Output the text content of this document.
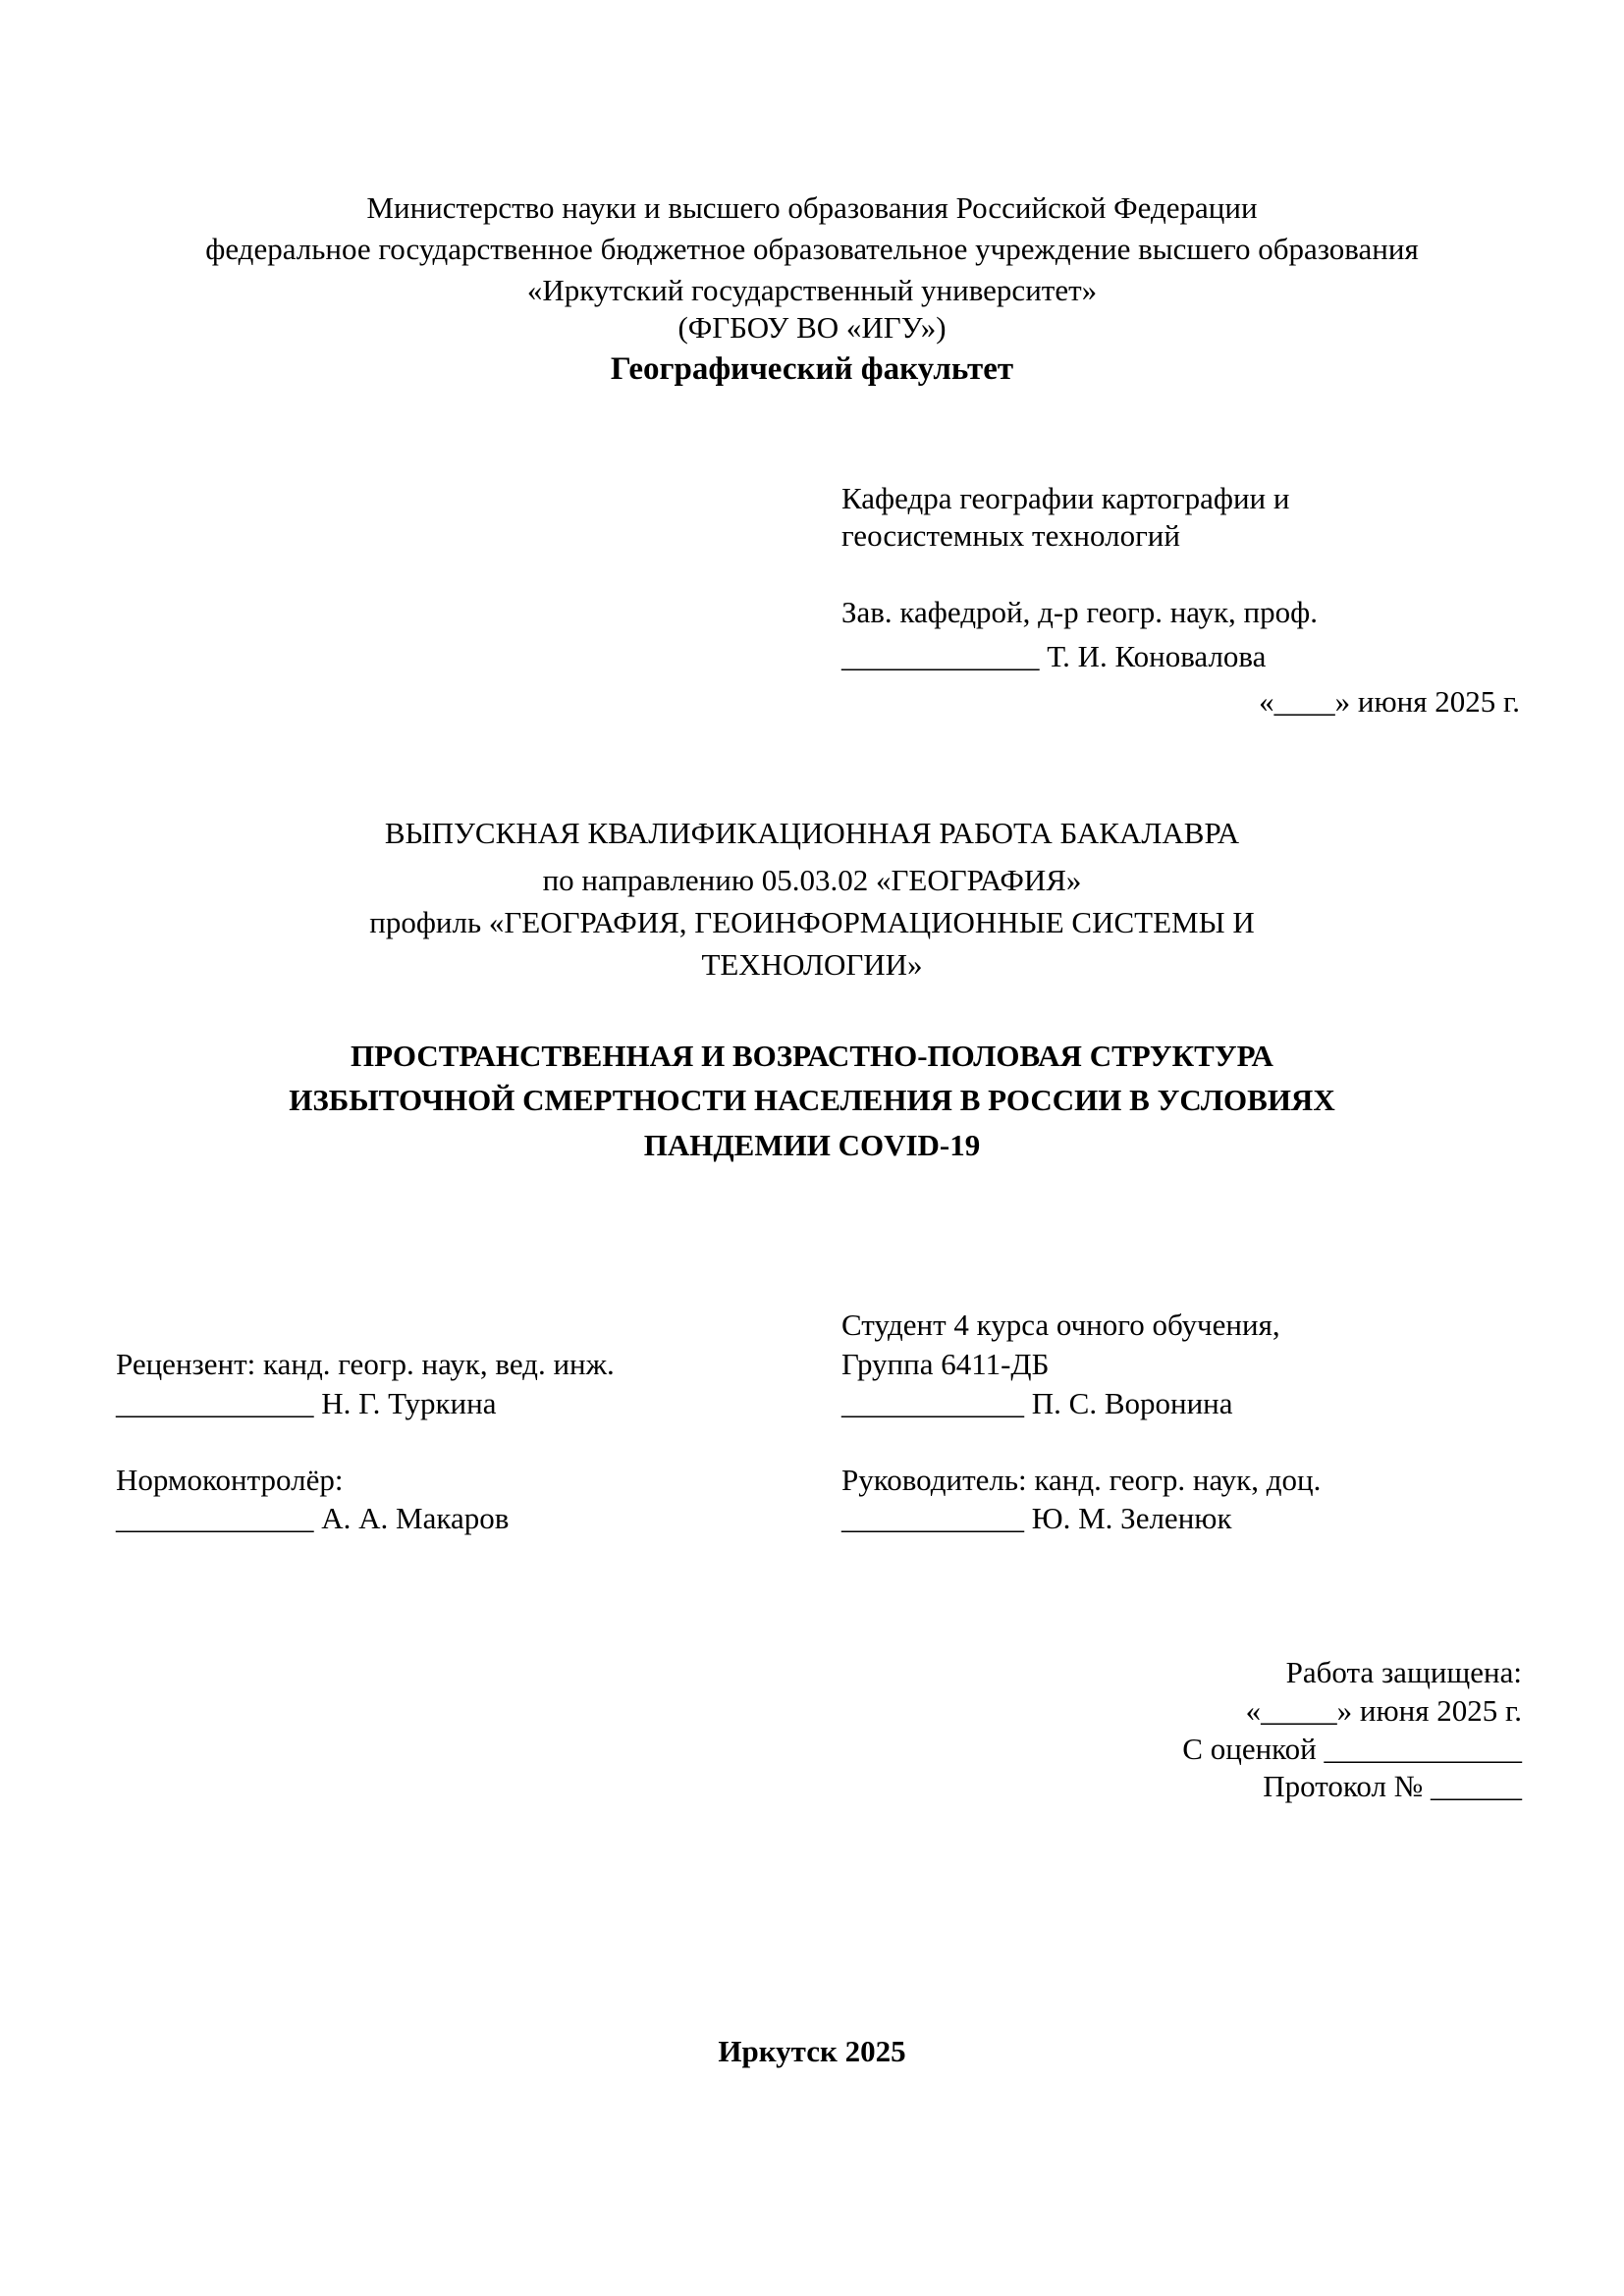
Министерство науки и высшего образования Российской Федерации
федеральное государственное бюджетное образовательное учреждение высшего образования
«Иркутский государственный университет»
(ФГБОУ ВО «ИГУ»)
Географический факультет
Кафедра географии картографии и
геосистемных технологий
Зав. кафедрой, д-р геогр. наук, проф.
_____________ Т. И. Коновалова
«____» июня 2025 г.
ВЫПУСКНАЯ КВАЛИФИКАЦИОННАЯ РАБОТА БАКАЛАВРА
по направлению 05.03.02 «ГЕОГРАФИЯ»
профиль «ГЕОГРАФИЯ, ГЕОИНФОРМАЦИОННЫЕ СИСТЕМЫ И
ТЕХНОЛОГИИ»
ПРОСТРАНСТВЕННАЯ И ВОЗРАСТНО-ПОЛОВАЯ СТРУКТУРА
ИЗБЫТОЧНОЙ СМЕРТНОСТИ НАСЕЛЕНИЯ В РОССИИ В УСЛОВИЯХ
ПАНДЕМИИ COVID-19
Рецензент: канд. геогр. наук, вед. инж.
_____________ Н. Г. Туркина
Нормоконтролёр:
_____________ А. А. Макаров
Студент 4 курса очного обучения,
Группа 6411-ДБ
____________ П. С. Воронина
Руководитель: канд. геогр. наук, доц.
____________ Ю. М. Зеленюк
Работа защищена:
«_____» июня 2025 г.
С оценкой _____________
Протокол № ______
Иркутск 2025
